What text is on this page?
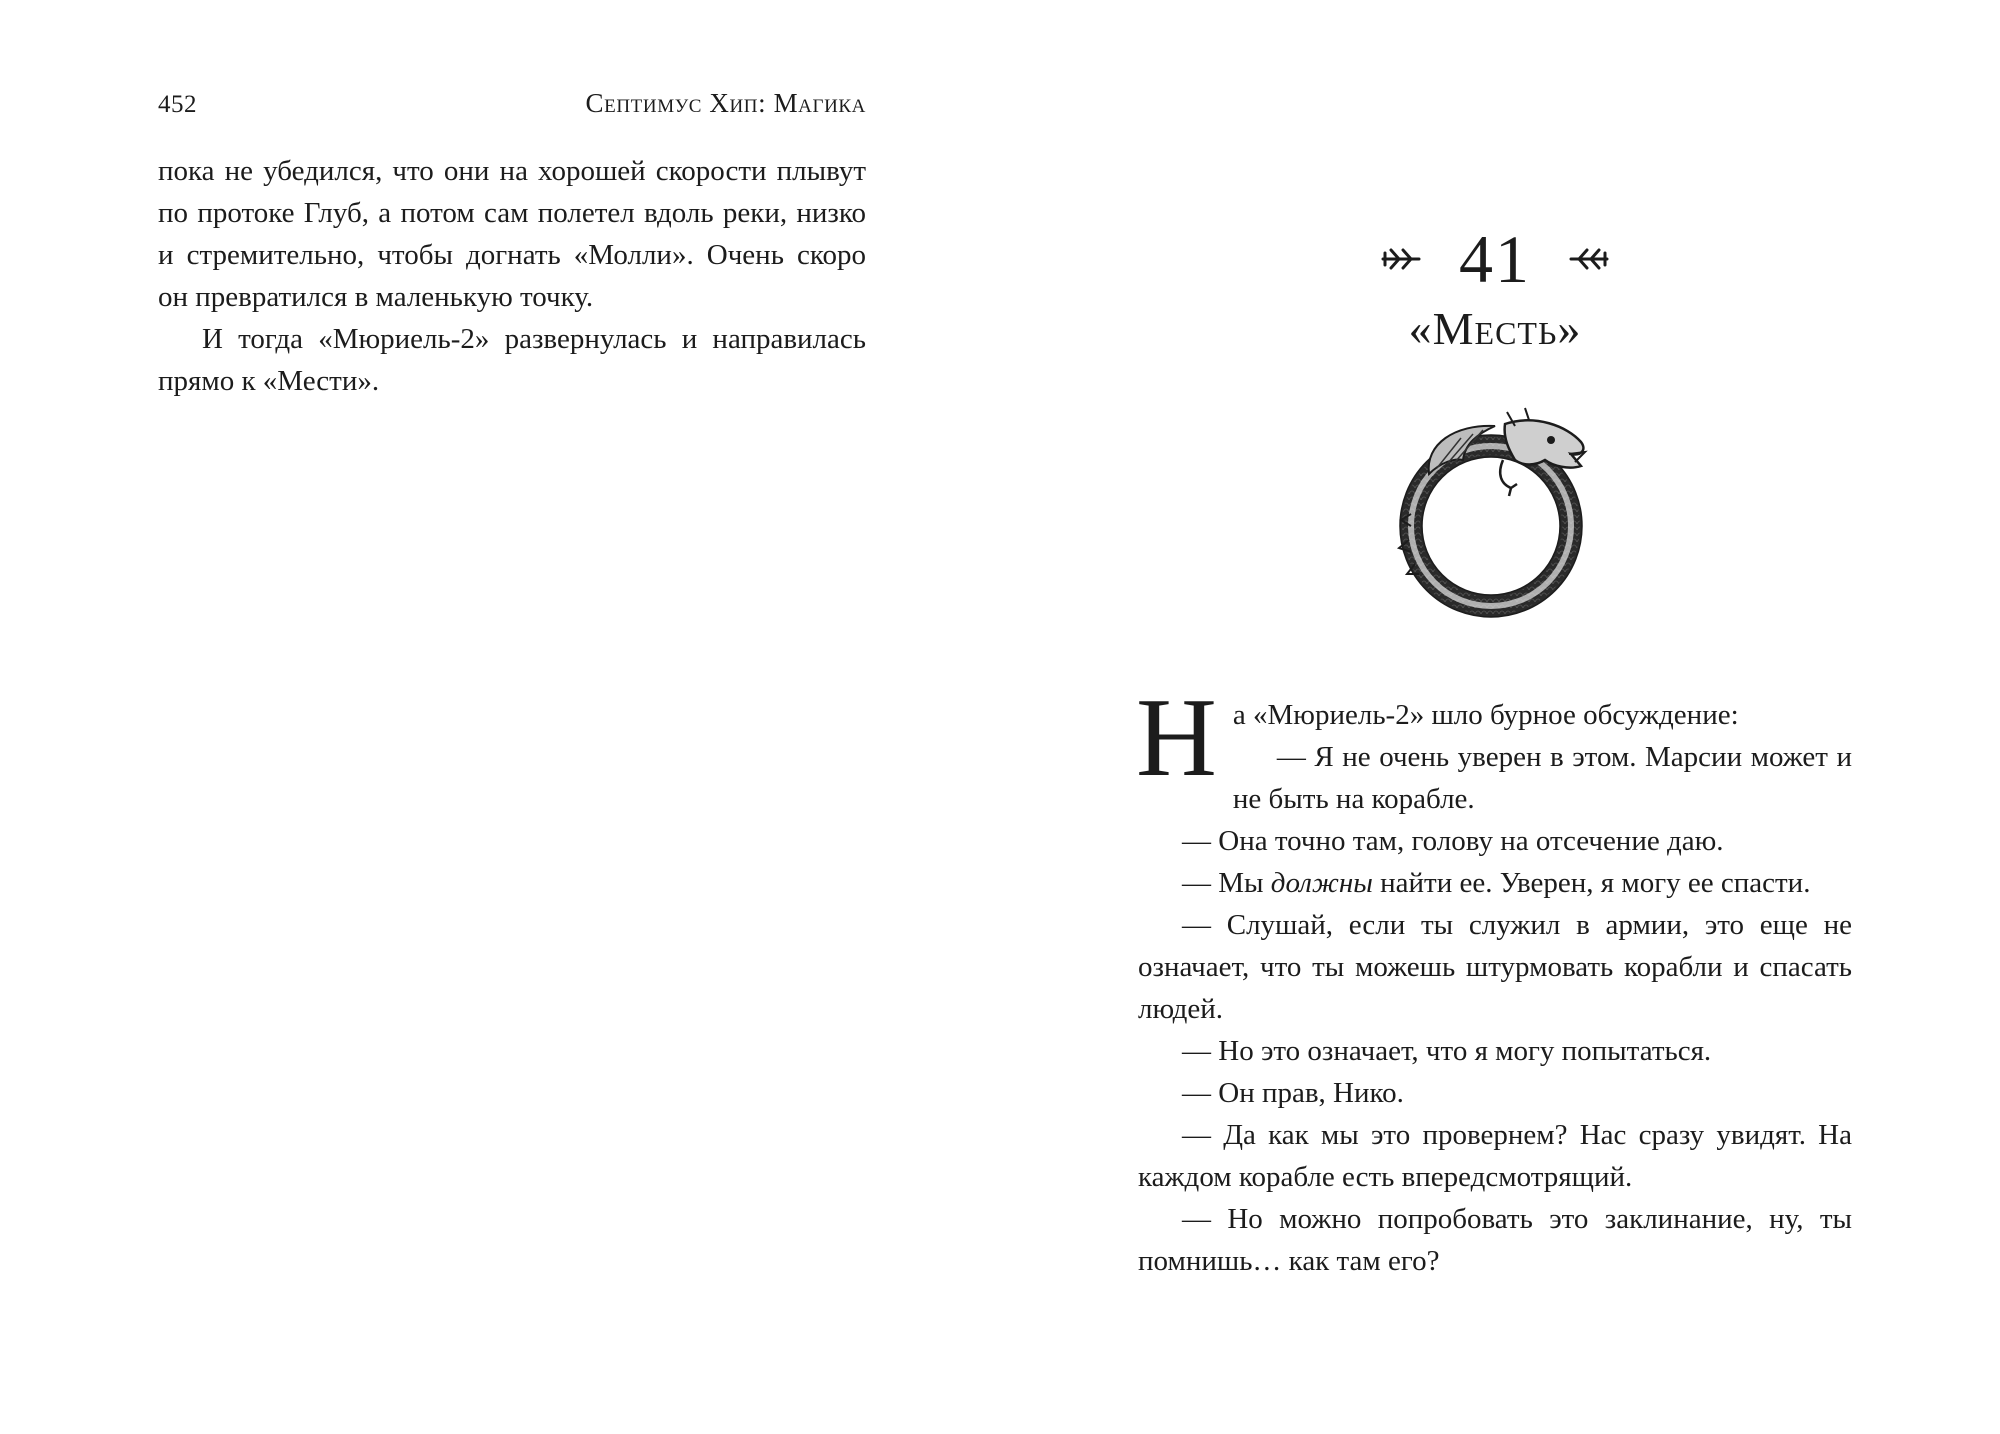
452	Септимус Хип: Магика

пока не убедился, что они на хорошей скорости плывут по протоке Глуб, а потом сам полетел вдоль реки, низко и стремительно, чтобы догнать «Молли». Очень скоро он превратился в маленькую точку.

И тогда «Мюриель-2» развернулась и направилась прямо к «Мести».

41
«Месть»

На «Мюриель-2» шло бурное обсуждение:

— Я не очень уверен в этом. Марсии может и не быть на корабле.

— Она точно там, голову на отсечение даю.

— Мы должны найти ее. Уверен, я могу ее спасти.

— Слушай, если ты служил в армии, это еще не означает, что ты можешь штурмовать корабли и спасать людей.

— Но это означает, что я могу попытаться.

— Он прав, Нико.

— Да как мы это провернем? Нас сразу увидят. На каждом корабле есть впередсмотрящий.

— Но можно попробовать это заклинание, ну, ты помнишь… как там его?
